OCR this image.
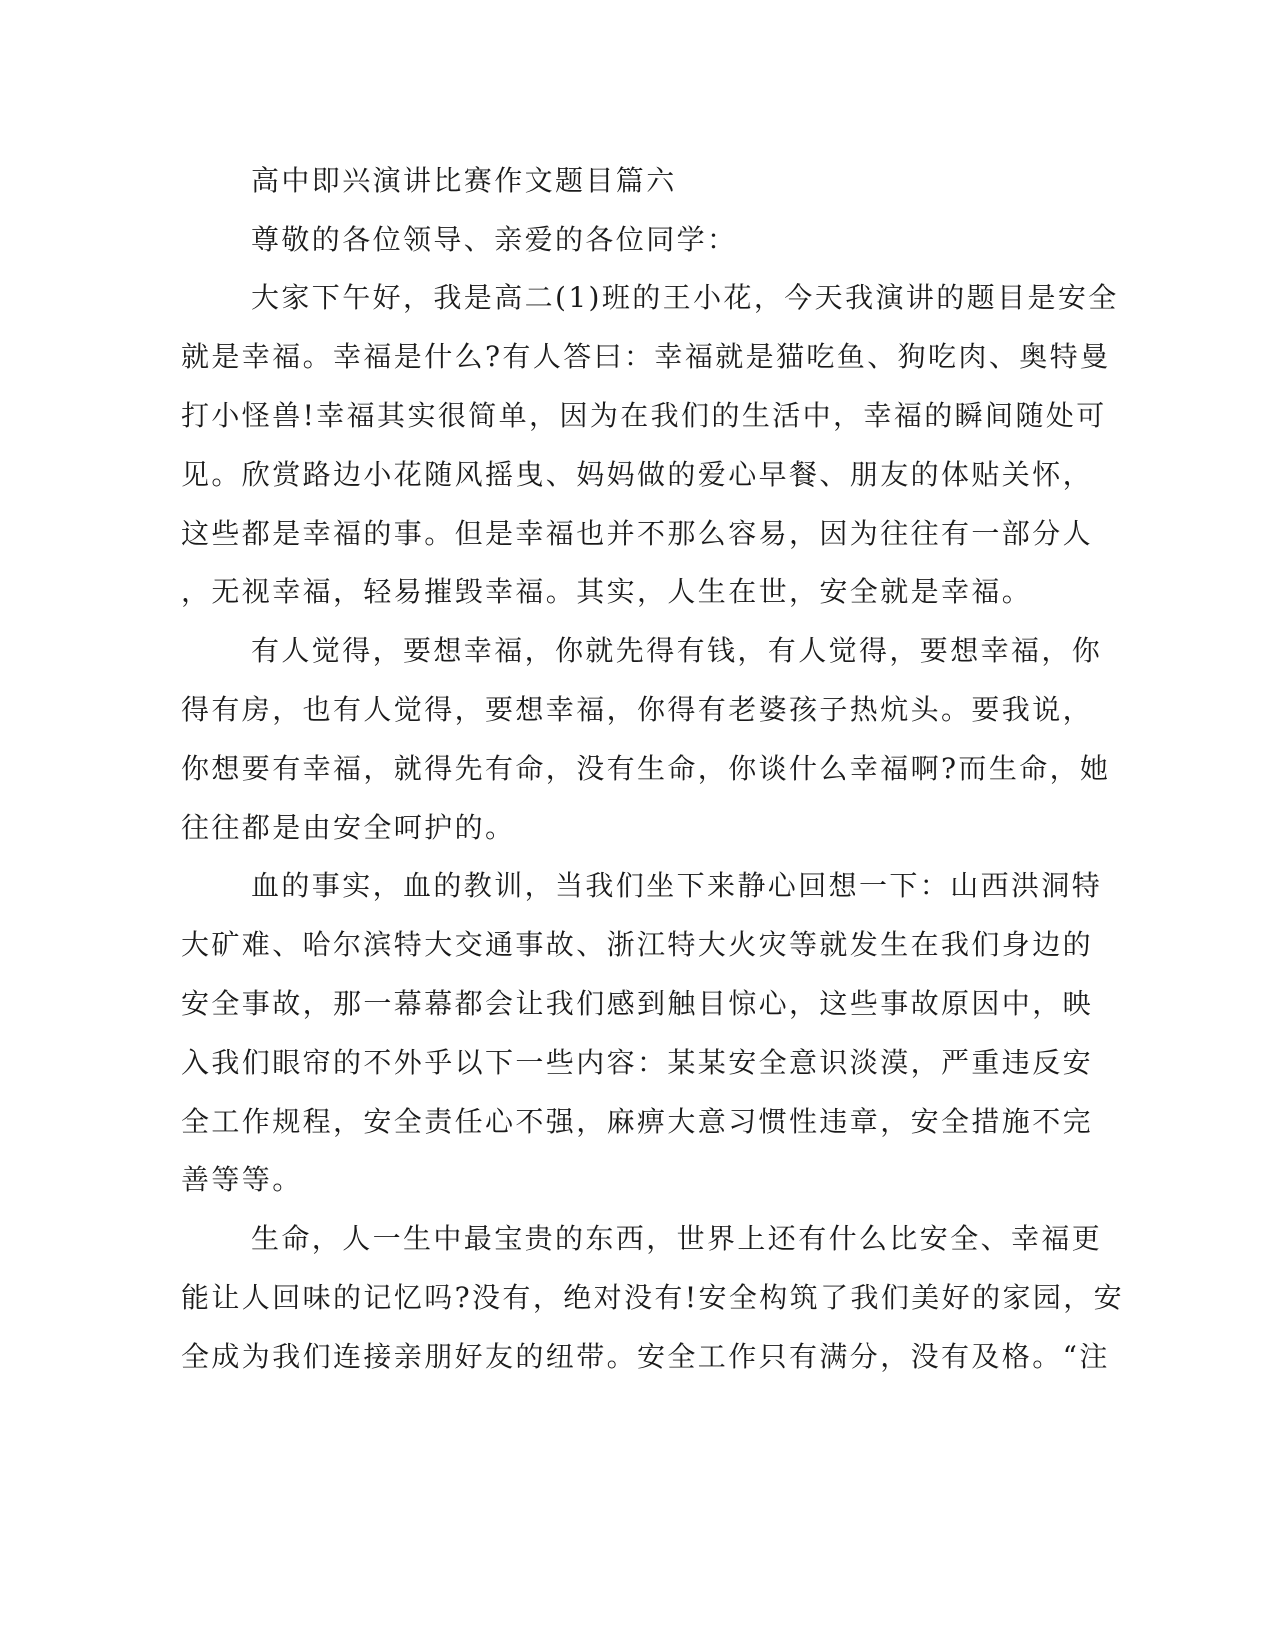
高中即兴演讲比赛作文题目篇六
尊敬的各位领导、亲爱的各位同学：
大家下午好，我是高二(1)班的王小花，今天我演讲的题目是安全
就是幸福。幸福是什么?有人答曰：幸福就是猫吃鱼、狗吃肉、奥特曼
打小怪兽!幸福其实很简单，因为在我们的生活中，幸福的瞬间随处可
见。欣赏路边小花随风摇曳、妈妈做的爱心早餐、朋友的体贴关怀，
这些都是幸福的事。但是幸福也并不那么容易，因为往往有一部分人
，无视幸福，轻易摧毁幸福。其实，人生在世，安全就是幸福。
有人觉得，要想幸福，你就先得有钱，有人觉得，要想幸福，你
得有房，也有人觉得，要想幸福，你得有老婆孩子热炕头。要我说，
你想要有幸福，就得先有命，没有生命，你谈什么幸福啊?而生命，她
往往都是由安全呵护的。
血的事实，血的教训，当我们坐下来静心回想一下：山西洪洞特
大矿难、哈尔滨特大交通事故、浙江特大火灾等就发生在我们身边的
安全事故，那一幕幕都会让我们感到触目惊心，这些事故原因中，映
入我们眼帘的不外乎以下一些内容：某某安全意识淡漠，严重违反安
全工作规程，安全责任心不强，麻痹大意习惯性违章，安全措施不完
善等等。
生命，人一生中最宝贵的东西，世界上还有什么比安全、幸福更
能让人回味的记忆吗?没有，绝对没有!安全构筑了我们美好的家园，安
全成为我们连接亲朋好友的纽带。安全工作只有满分，没有及格。“注
